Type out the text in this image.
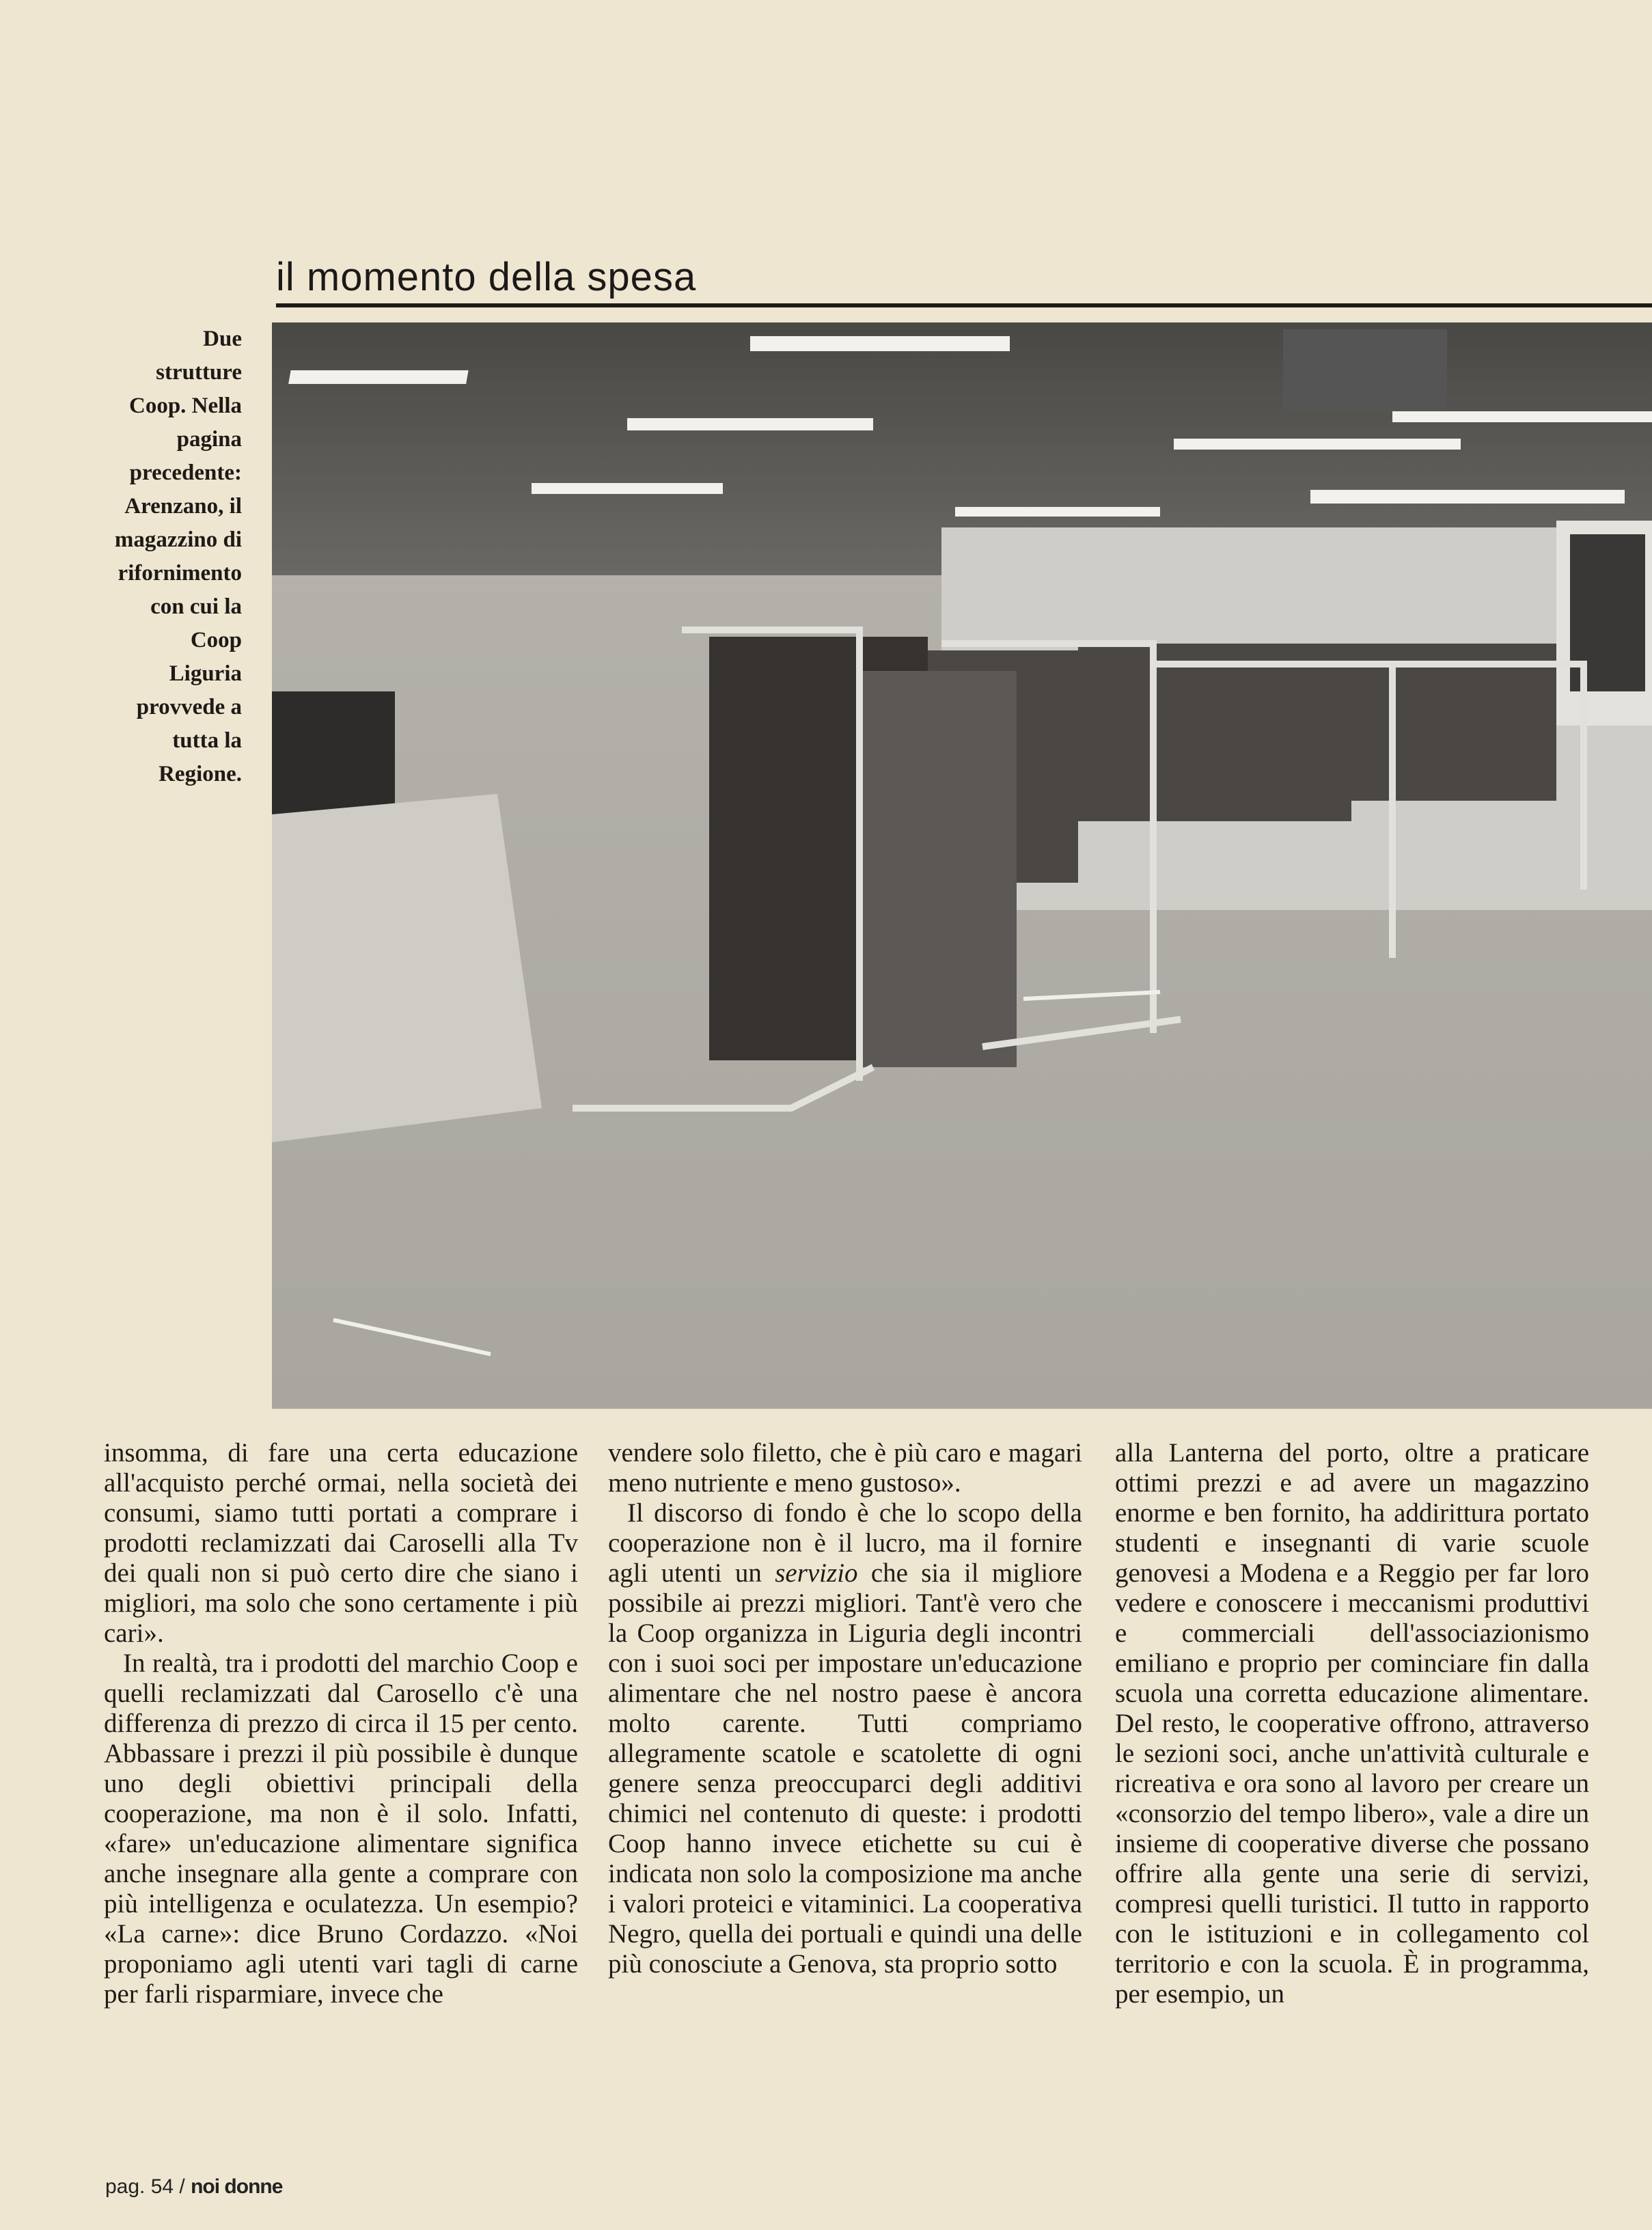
il momento della spesa
Due
strutture
Coop. Nella
pagina
precedente:
Arenzano, il
magazzino di
rifornimento
con cui la
Coop
Liguria
provvede a
tutta la
Regione.

insomma, di fare una certa educazione all'acquisto perché ormai, nella società dei consumi, siamo tutti portati a comprare i prodotti reclamizzati dai Caroselli alla Tv dei quali non si può certo dire che siano i migliori, ma solo che sono certamente i più cari».

In realtà, tra i prodotti del marchio Coop e quelli reclamizzati dal Carosello c'è una differenza di prezzo di circa il 15 per cento. Abbassare i prezzi il più possibile è dunque uno degli obiettivi principali della cooperazione, ma non è il solo. Infatti, «fare» un'educazione alimentare significa anche insegnare alla gente a comprare con più intelligenza e oculatezza. Un esempio? «La carne»: dice Bruno Cordazzo. «Noi proponiamo agli utenti vari tagli di carne per farli risparmiare, invece che

vendere solo filetto, che è più caro e magari meno nutriente e meno gustoso».

Il discorso di fondo è che lo scopo della cooperazione non è il lucro, ma il fornire agli utenti un servizio che sia il migliore possibile ai prezzi migliori. Tant'è vero che la Coop organizza in Liguria degli incontri con i suoi soci per impostare un'educazione alimentare che nel nostro paese è ancora molto carente. Tutti compriamo allegramente scatole e scatolette di ogni genere senza preoccuparci degli additivi chimici nel contenuto di queste: i prodotti Coop hanno invece etichette su cui è indicata non solo la composizione ma anche i valori proteici e vitaminici. La cooperativa Negro, quella dei portuali e quindi una delle più conosciute a Genova, sta proprio sotto

alla Lanterna del porto, oltre a praticare ottimi prezzi e ad avere un magazzino enorme e ben fornito, ha addirittura portato studenti e insegnanti di varie scuole genovesi a Modena e a Reggio per far loro vedere e conoscere i meccanismi produttivi e commerciali dell'associazionismo emiliano e proprio per cominciare fin dalla scuola una corretta educazione alimentare. Del resto, le cooperative offrono, attraverso le sezioni soci, anche un'attività culturale e ricreativa e ora sono al lavoro per creare un «consorzio del tempo libero», vale a dire un insieme di cooperative diverse che possano offrire alla gente una serie di servizi, compresi quelli turistici. Il tutto in rapporto con le istituzioni e in collegamento col territorio e con la scuola. È in programma, per esempio, un

pag. 54 / noi donne
